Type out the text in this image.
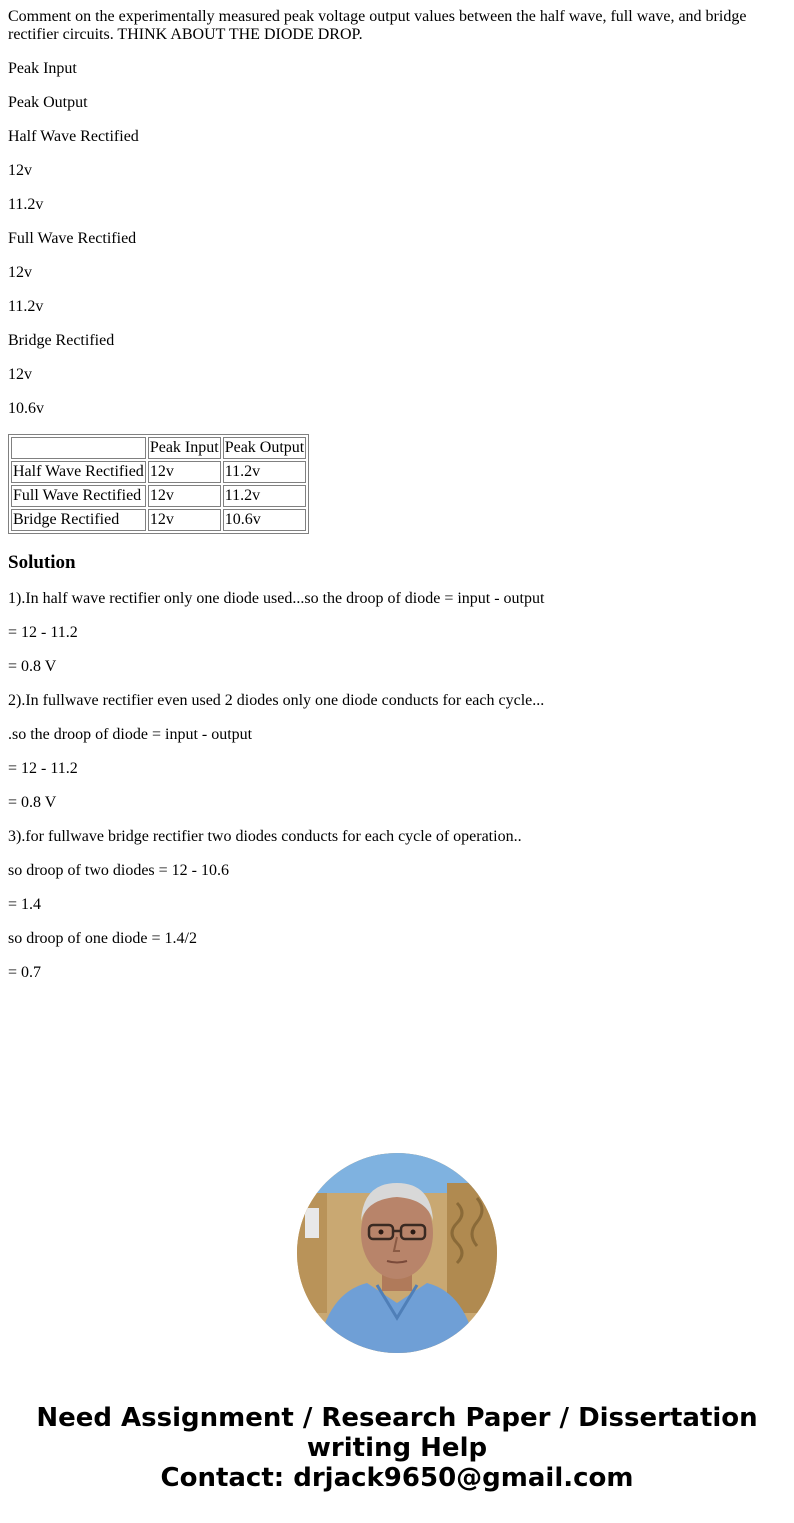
Comment on the experimentally measured peak voltage output values between the half wave, full wave, and bridge rectifier circuits. THINK ABOUT THE DIODE DROP.

Peak Input

Peak Output

Half Wave Rectified

12v

11.2v

Full Wave Rectified

12v

11.2v

Bridge Rectified

12v

10.6v

	Peak Input	Peak Output
Half Wave Rectified	12v	11.2v
Full Wave Rectified	12v	11.2v
Bridge Rectified	12v	10.6v
Solution

1).In half wave rectifier only one diode used...so the droop of diode = input - output

= 12 - 11.2

= 0.8 V

2).In fullwave rectifier even used 2 diodes only one diode conducts for each cycle...

.so the droop of diode = input - output

= 12 - 11.2

= 0.8 V

3).for fullwave bridge rectifier two diodes conducts for each cycle of operation..

so droop of two diodes = 12 - 10.6

= 1.4

so droop of one diode = 1.4/2

= 0.7

Need Assignment / Research Paper / Dissertation
writing Help
Contact: drjack9650@gmail.com
